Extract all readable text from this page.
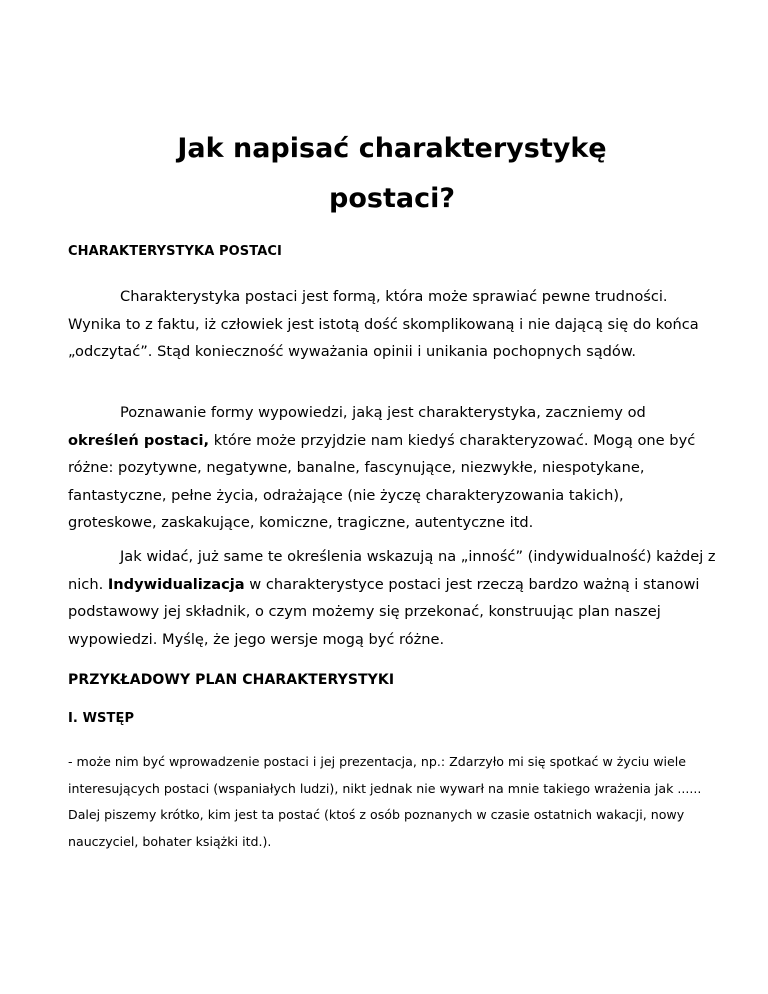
Jak napisać charakterystykę
postaci?
CHARAKTERYSTYKA POSTACI

Charakterystyka postaci jest formą, która może sprawiać pewne trudności. Wynika to z faktu, iż człowiek jest istotą dość skomplikowaną i nie dającą się do końca „odczytać”. Stąd konieczność wyważania opinii i unikania pochopnych sądów.

Poznawanie formy wypowiedzi, jaką jest charakterystyka, zaczniemy od określeń postaci, które może przyjdzie nam kiedyś charakteryzować. Mogą one być różne: pozytywne, negatywne, banalne, fascynujące, niezwykłe, niespotykane, fantastyczne, pełne życia, odrażające (nie życzę charakteryzowania takich), groteskowe, zaskakujące, komiczne, tragiczne, autentyczne itd.

Jak widać, już same te określenia wskazują na „inność” (indywidualność) każdej z nich. Indywidualizacja w charakterystyce postaci jest rzeczą bardzo ważną i stanowi podstawowy jej składnik, o czym możemy się przekonać, konstruując plan naszej wypowiedzi. Myślę, że jego wersje mogą być różne.

PRZYKŁADOWY PLAN CHARAKTERYSTYKI
I. WSTĘP

- może nim być wprowadzenie postaci i jej prezentacja, np.: Zdarzyło mi się spotkać w życiu wiele interesujących postaci (wspaniałych ludzi), nikt jednak nie wywarł na mnie takiego wrażenia jak ...... Dalej piszemy krótko, kim jest ta postać (ktoś z osób poznanych w czasie ostatnich wakacji, nowy nauczyciel, bohater książki itd.).
